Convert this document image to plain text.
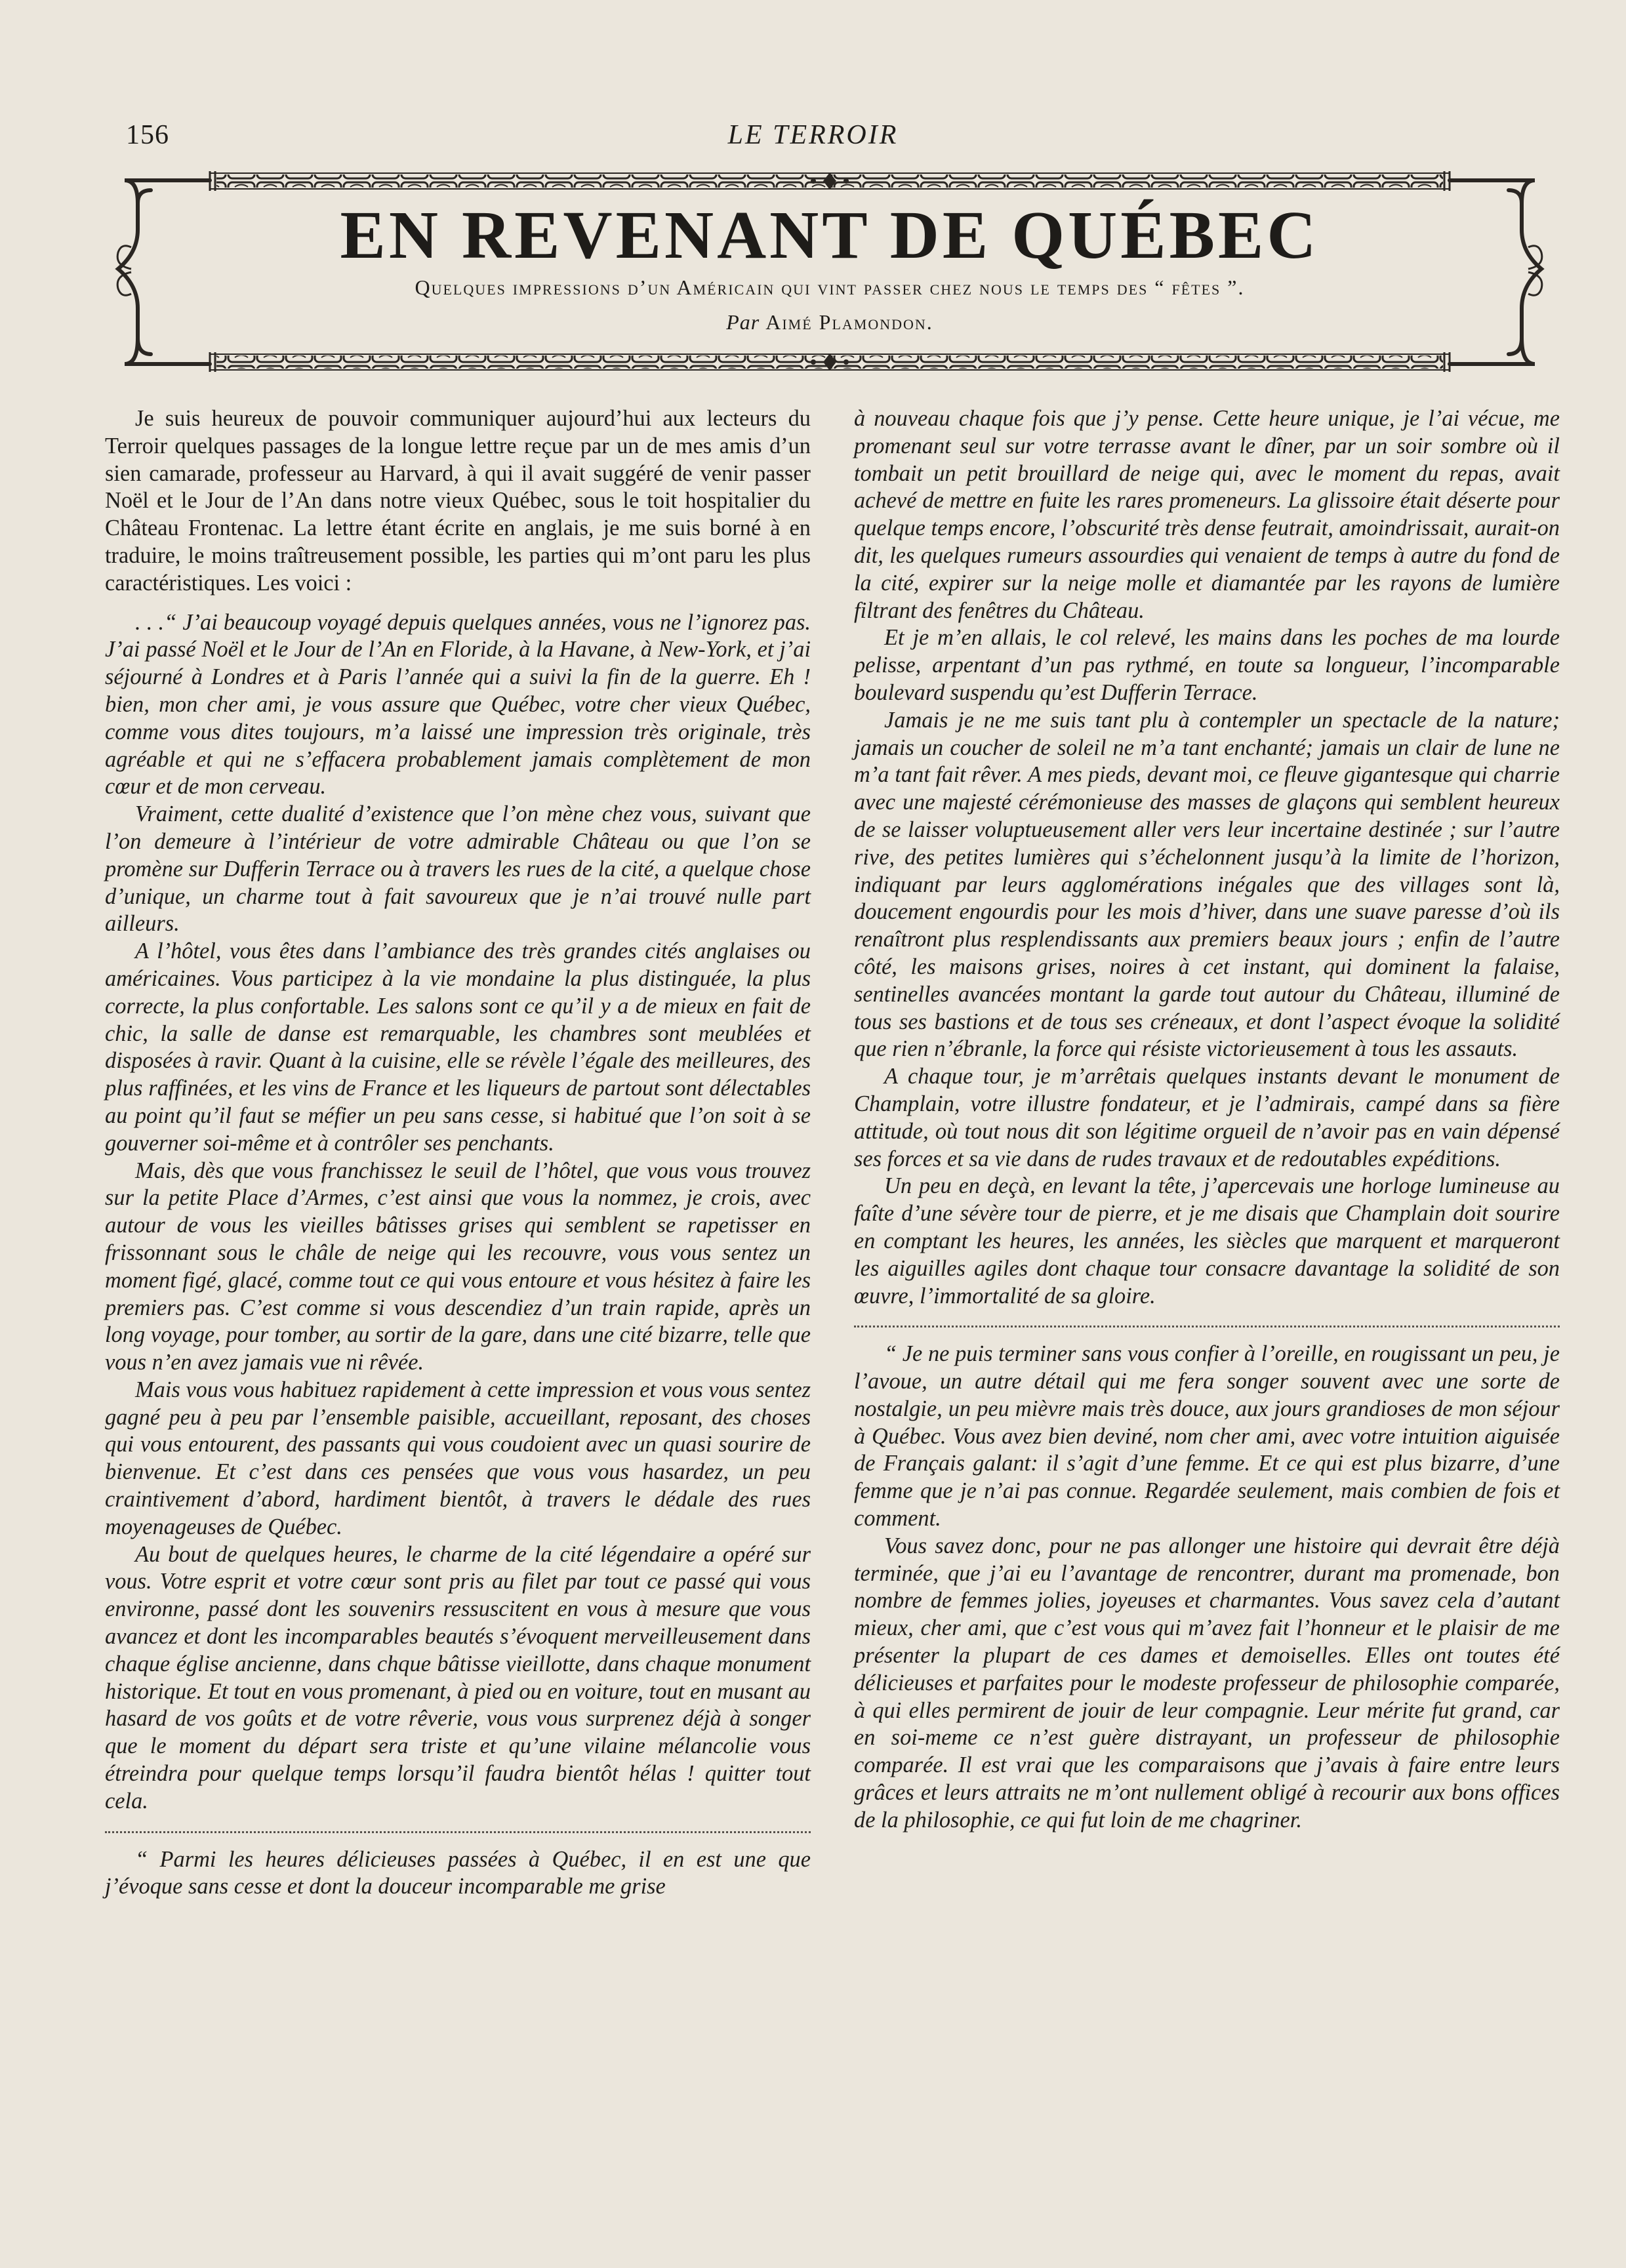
156	LE TERROIR
EN REVENANT DE QUÉBEC
Quelques impressions d’un Américain qui vint passer chez nous le temps des “ fêtes ”.
Par Aimé Plamondon.

Je suis heureux de pouvoir communiquer aujourd’hui aux lecteurs du Terroir quelques passages de la longue lettre reçue par un de mes amis d’un sien camarade, professeur au Harvard, à qui il avait suggéré de venir passer Noël et le Jour de l’An dans notre vieux Québec, sous le toit hospitalier du Château Frontenac. La lettre étant écrite en anglais, je me suis borné à en traduire, le moins traîtreusement possible, les parties qui m’ont paru les plus caractéristiques. Les voici :

. . .“ J’ai beaucoup voyagé depuis quelques années, vous ne l’ignorez pas. J’ai passé Noël et le Jour de l’An en Floride, à la Havane, à New-York, et j’ai séjourné à Londres et à Paris l’année qui a suivi la fin de la guerre. Eh ! bien, mon cher ami, je vous assure que Québec, votre cher vieux Québec, comme vous dites toujours, m’a laissé une impression très originale, très agréable et qui ne s’effacera probablement jamais complètement de mon cœur et de mon cerveau.

Vraiment, cette dualité d’existence que l’on mène chez vous, suivant que l’on demeure à l’intérieur de votre admirable Château ou que l’on se promène sur Dufferin Terrace ou à travers les rues de la cité, a quelque chose d’unique, un charme tout à fait savoureux que je n’ai trouvé nulle part ailleurs.

A l’hôtel, vous êtes dans l’ambiance des très grandes cités anglaises ou américaines. Vous participez à la vie mondaine la plus distinguée, la plus correcte, la plus confortable. Les salons sont ce qu’il y a de mieux en fait de chic, la salle de danse est remarquable, les chambres sont meublées et disposées à ravir. Quant à la cuisine, elle se révèle l’égale des meilleures, des plus raffinées, et les vins de France et les liqueurs de partout sont délectables au point qu’il faut se méfier un peu sans cesse, si habitué que l’on soit à se gouverner soi-même et à contrôler ses penchants.

Mais, dès que vous franchissez le seuil de l’hôtel, que vous vous trouvez sur la petite Place d’Armes, c’est ainsi que vous la nommez, je crois, avec autour de vous les vieilles bâtisses grises qui semblent se rapetisser en frissonnant sous le châle de neige qui les recouvre, vous vous sentez un moment figé, glacé, comme tout ce qui vous entoure et vous hésitez à faire les premiers pas. C’est comme si vous descendiez d’un train rapide, après un long voyage, pour tomber, au sortir de la gare, dans une cité bizarre, telle que vous n’en avez jamais vue ni rêvée.

Mais vous vous habituez rapidement à cette impression et vous vous sentez gagné peu à peu par l’ensemble paisible, accueillant, reposant, des choses qui vous entourent, des passants qui vous coudoient avec un quasi sourire de bienvenue. Et c’est dans ces pensées que vous vous hasardez, un peu craintivement d’abord, hardiment bientôt, à travers le dédale des rues moyenageuses de Québec.

Au bout de quelques heures, le charme de la cité légendaire a opéré sur vous. Votre esprit et votre cœur sont pris au filet par tout ce passé qui vous environne, passé dont les souvenirs ressuscitent en vous à mesure que vous avancez et dont les incomparables beautés s’évoquent merveilleusement dans chaque église ancienne, dans chque bâtisse vieillotte, dans chaque monument historique. Et tout en vous promenant, à pied ou en voiture, tout en musant au hasard de vos goûts et de votre rêverie, vous vous surprenez déjà à songer que le moment du départ sera triste et qu’une vilaine mélancolie vous étreindra pour quelque temps lorsqu’il faudra bientôt hélas ! quitter tout cela.

“ Parmi les heures délicieuses passées à Québec, il en est une que j’évoque sans cesse et dont la douceur incomparable me grise

à nouveau chaque fois que j’y pense. Cette heure unique, je l’ai vécue, me promenant seul sur votre terrasse avant le dîner, par un soir sombre où il tombait un petit brouillard de neige qui, avec le moment du repas, avait achevé de mettre en fuite les rares promeneurs. La glissoire était déserte pour quelque temps encore, l’obscurité très dense feutrait, amoindrissait, aurait-on dit, les quelques rumeurs assourdies qui venaient de temps à autre du fond de la cité, expirer sur la neige molle et diamantée par les rayons de lumière filtrant des fenêtres du Château.

Et je m’en allais, le col relevé, les mains dans les poches de ma lourde pelisse, arpentant d’un pas rythmé, en toute sa longueur, l’incomparable boulevard suspendu qu’est Dufferin Terrace.

Jamais je ne me suis tant plu à contempler un spectacle de la nature; jamais un coucher de soleil ne m’a tant enchanté; jamais un clair de lune ne m’a tant fait rêver. A mes pieds, devant moi, ce fleuve gigantesque qui charrie avec une majesté cérémonieuse des masses de glaçons qui semblent heureux de se laisser voluptueusement aller vers leur incertaine destinée ; sur l’autre rive, des petites lumières qui s’échelonnent jusqu’à la limite de l’horizon, indiquant par leurs agglomérations inégales que des villages sont là, doucement engourdis pour les mois d’hiver, dans une suave paresse d’où ils renaîtront plus resplendissants aux premiers beaux jours ; enfin de l’autre côté, les maisons grises, noires à cet instant, qui dominent la falaise, sentinelles avancées montant la garde tout autour du Château, illuminé de tous ses bastions et de tous ses créneaux, et dont l’aspect évoque la solidité que rien n’ébranle, la force qui résiste victorieusement à tous les assauts.

A chaque tour, je m’arrêtais quelques instants devant le monument de Champlain, votre illustre fondateur, et je l’admirais, campé dans sa fière attitude, où tout nous dit son légitime orgueil de n’avoir pas en vain dépensé ses forces et sa vie dans de rudes travaux et de redoutables expéditions.

Un peu en deçà, en levant la tête, j’apercevais une horloge lumineuse au faîte d’une sévère tour de pierre, et je me disais que Champlain doit sourire en comptant les heures, les années, les siècles que marquent et marqueront les aiguilles agiles dont chaque tour consacre davantage la solidité de son œuvre, l’immortalité de sa gloire.

“ Je ne puis terminer sans vous confier à l’oreille, en rougissant un peu, je l’avoue, un autre détail qui me fera songer souvent avec une sorte de nostalgie, un peu mièvre mais très douce, aux jours grandioses de mon séjour à Québec. Vous avez bien deviné, nom cher ami, avec votre intuition aiguisée de Français galant: il s’agit d’une femme. Et ce qui est plus bizarre, d’une femme que je n’ai pas connue. Regardée seulement, mais combien de fois et comment.

Vous savez donc, pour ne pas allonger une histoire qui devrait être déjà terminée, que j’ai eu l’avantage de rencontrer, durant ma promenade, bon nombre de femmes jolies, joyeuses et charmantes. Vous savez cela d’autant mieux, cher ami, que c’est vous qui m’avez fait l’honneur et le plaisir de me présenter la plupart de ces dames et demoiselles. Elles ont toutes été délicieuses et parfaites pour le modeste professeur de philosophie comparée, à qui elles permirent de jouir de leur compagnie. Leur mérite fut grand, car en soi-meme ce n’est guère distrayant, un professeur de philosophie comparée. Il est vrai que les comparaisons que j’avais à faire entre leurs grâces et leurs attraits ne m’ont nullement obligé à recourir aux bons offices de la philosophie, ce qui fut loin de me chagriner.
